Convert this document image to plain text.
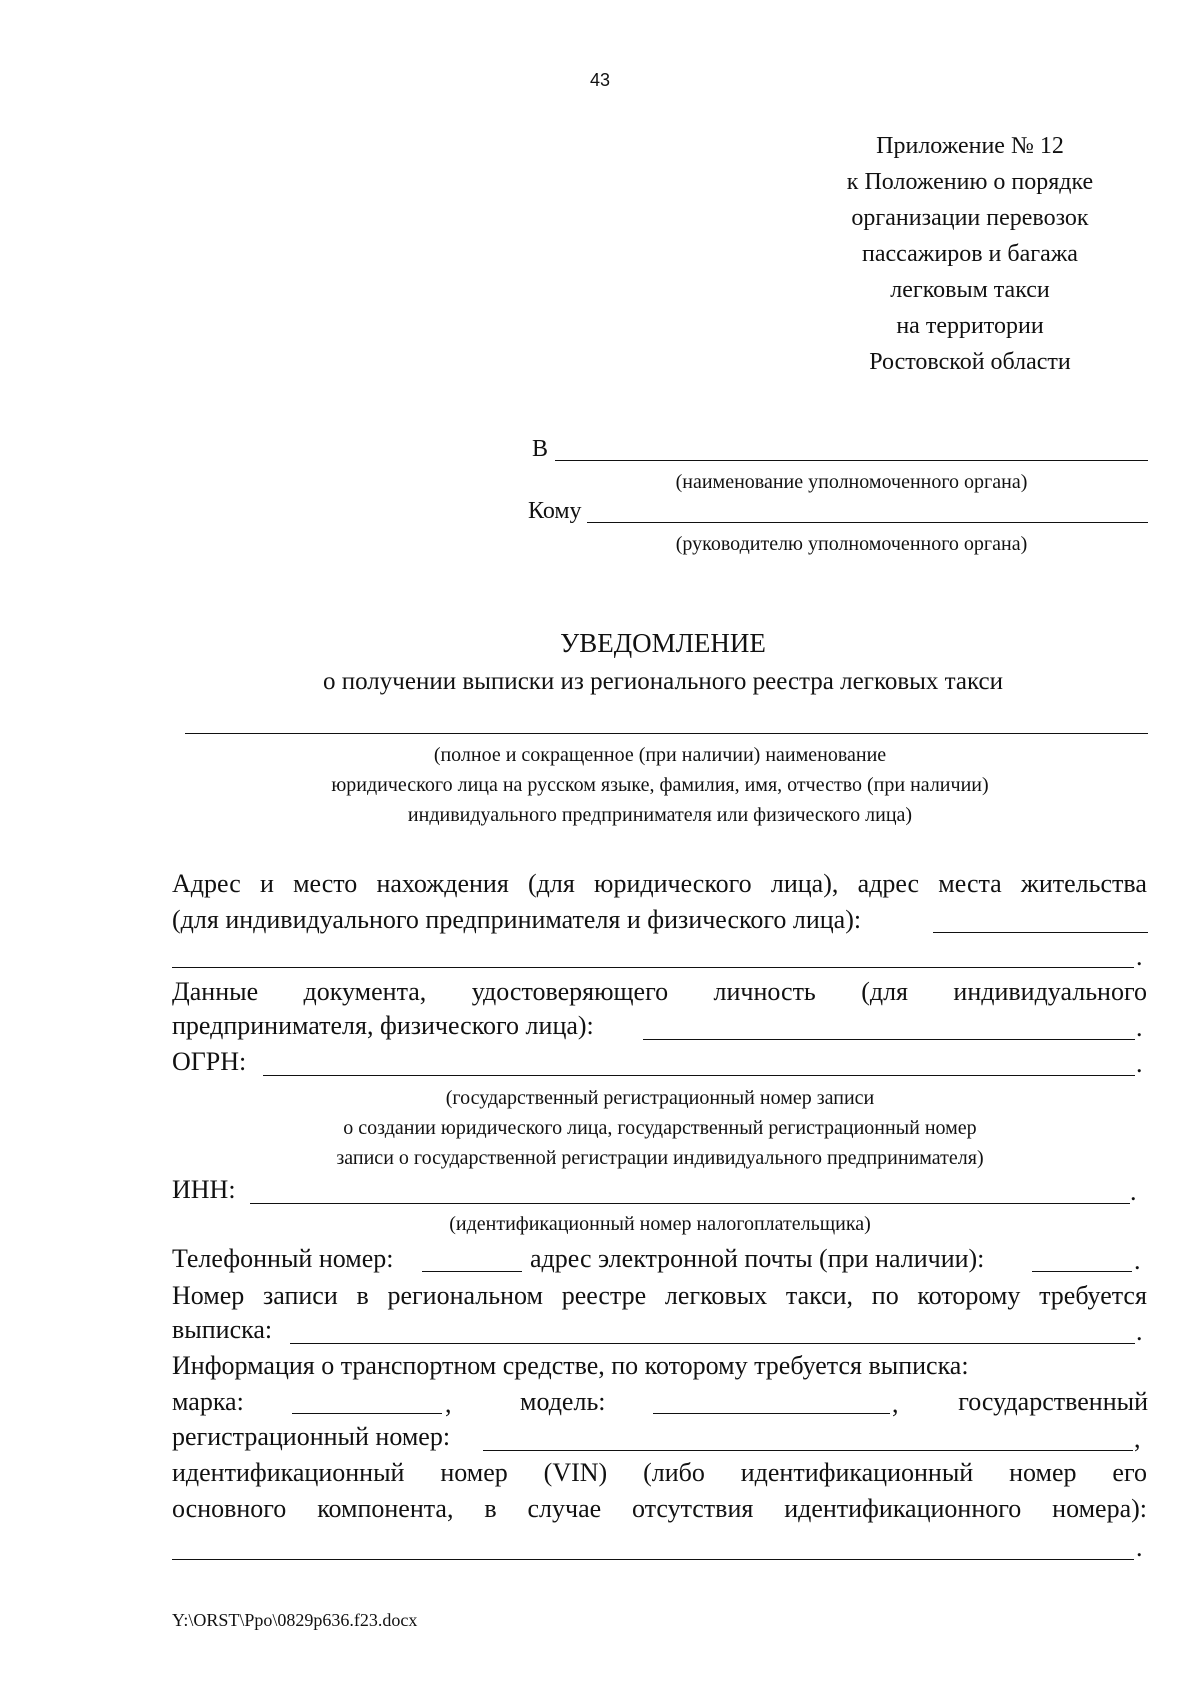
43
Приложение № 12
к Положению о порядке
организации перевозок
пассажиров и багажа
легковым такси
на территории
Ростовской области
В
(наименование уполномоченного органа)
Кому
(руководителю уполномоченного органа)
УВЕДОМЛЕНИЕ
о получении выписки из регионального реестра легковых такси
(полное и сокращенное (при наличии) наименование
юридического лица на русском языке, фамилия, имя, отчество (при наличии)
индивидуального предпринимателя или физического лица)
Адрес и место нахождения (для юридического лица), адрес места жительства
(для индивидуального предпринимателя и физического лица):
.
Данные документа, удостоверяющего личность (для индивидуального
предпринимателя, физического лица):	.
ОГРН:	.
(государственный регистрационный номер записи
о создании юридического лица, государственный регистрационный номер
записи о государственной регистрации индивидуального предпринимателя)
ИНН:	.
(идентификационный номер налогоплательщика)
Телефонный номер:	адрес электронной почты (при наличии):	.
Номер записи в региональном реестре легковых такси, по которому требуется
выписка:	.
Информация о транспортном средстве, по которому требуется выписка:
марка:	,	модель:	,	государственный
регистрационный номер:	,
идентификационный номер (VIN) (либо идентификационный номер его
основного компонента, в случае отсутствия идентификационного номера):
.
Y:\ORST\Ppo\0829p636.f23.docx
